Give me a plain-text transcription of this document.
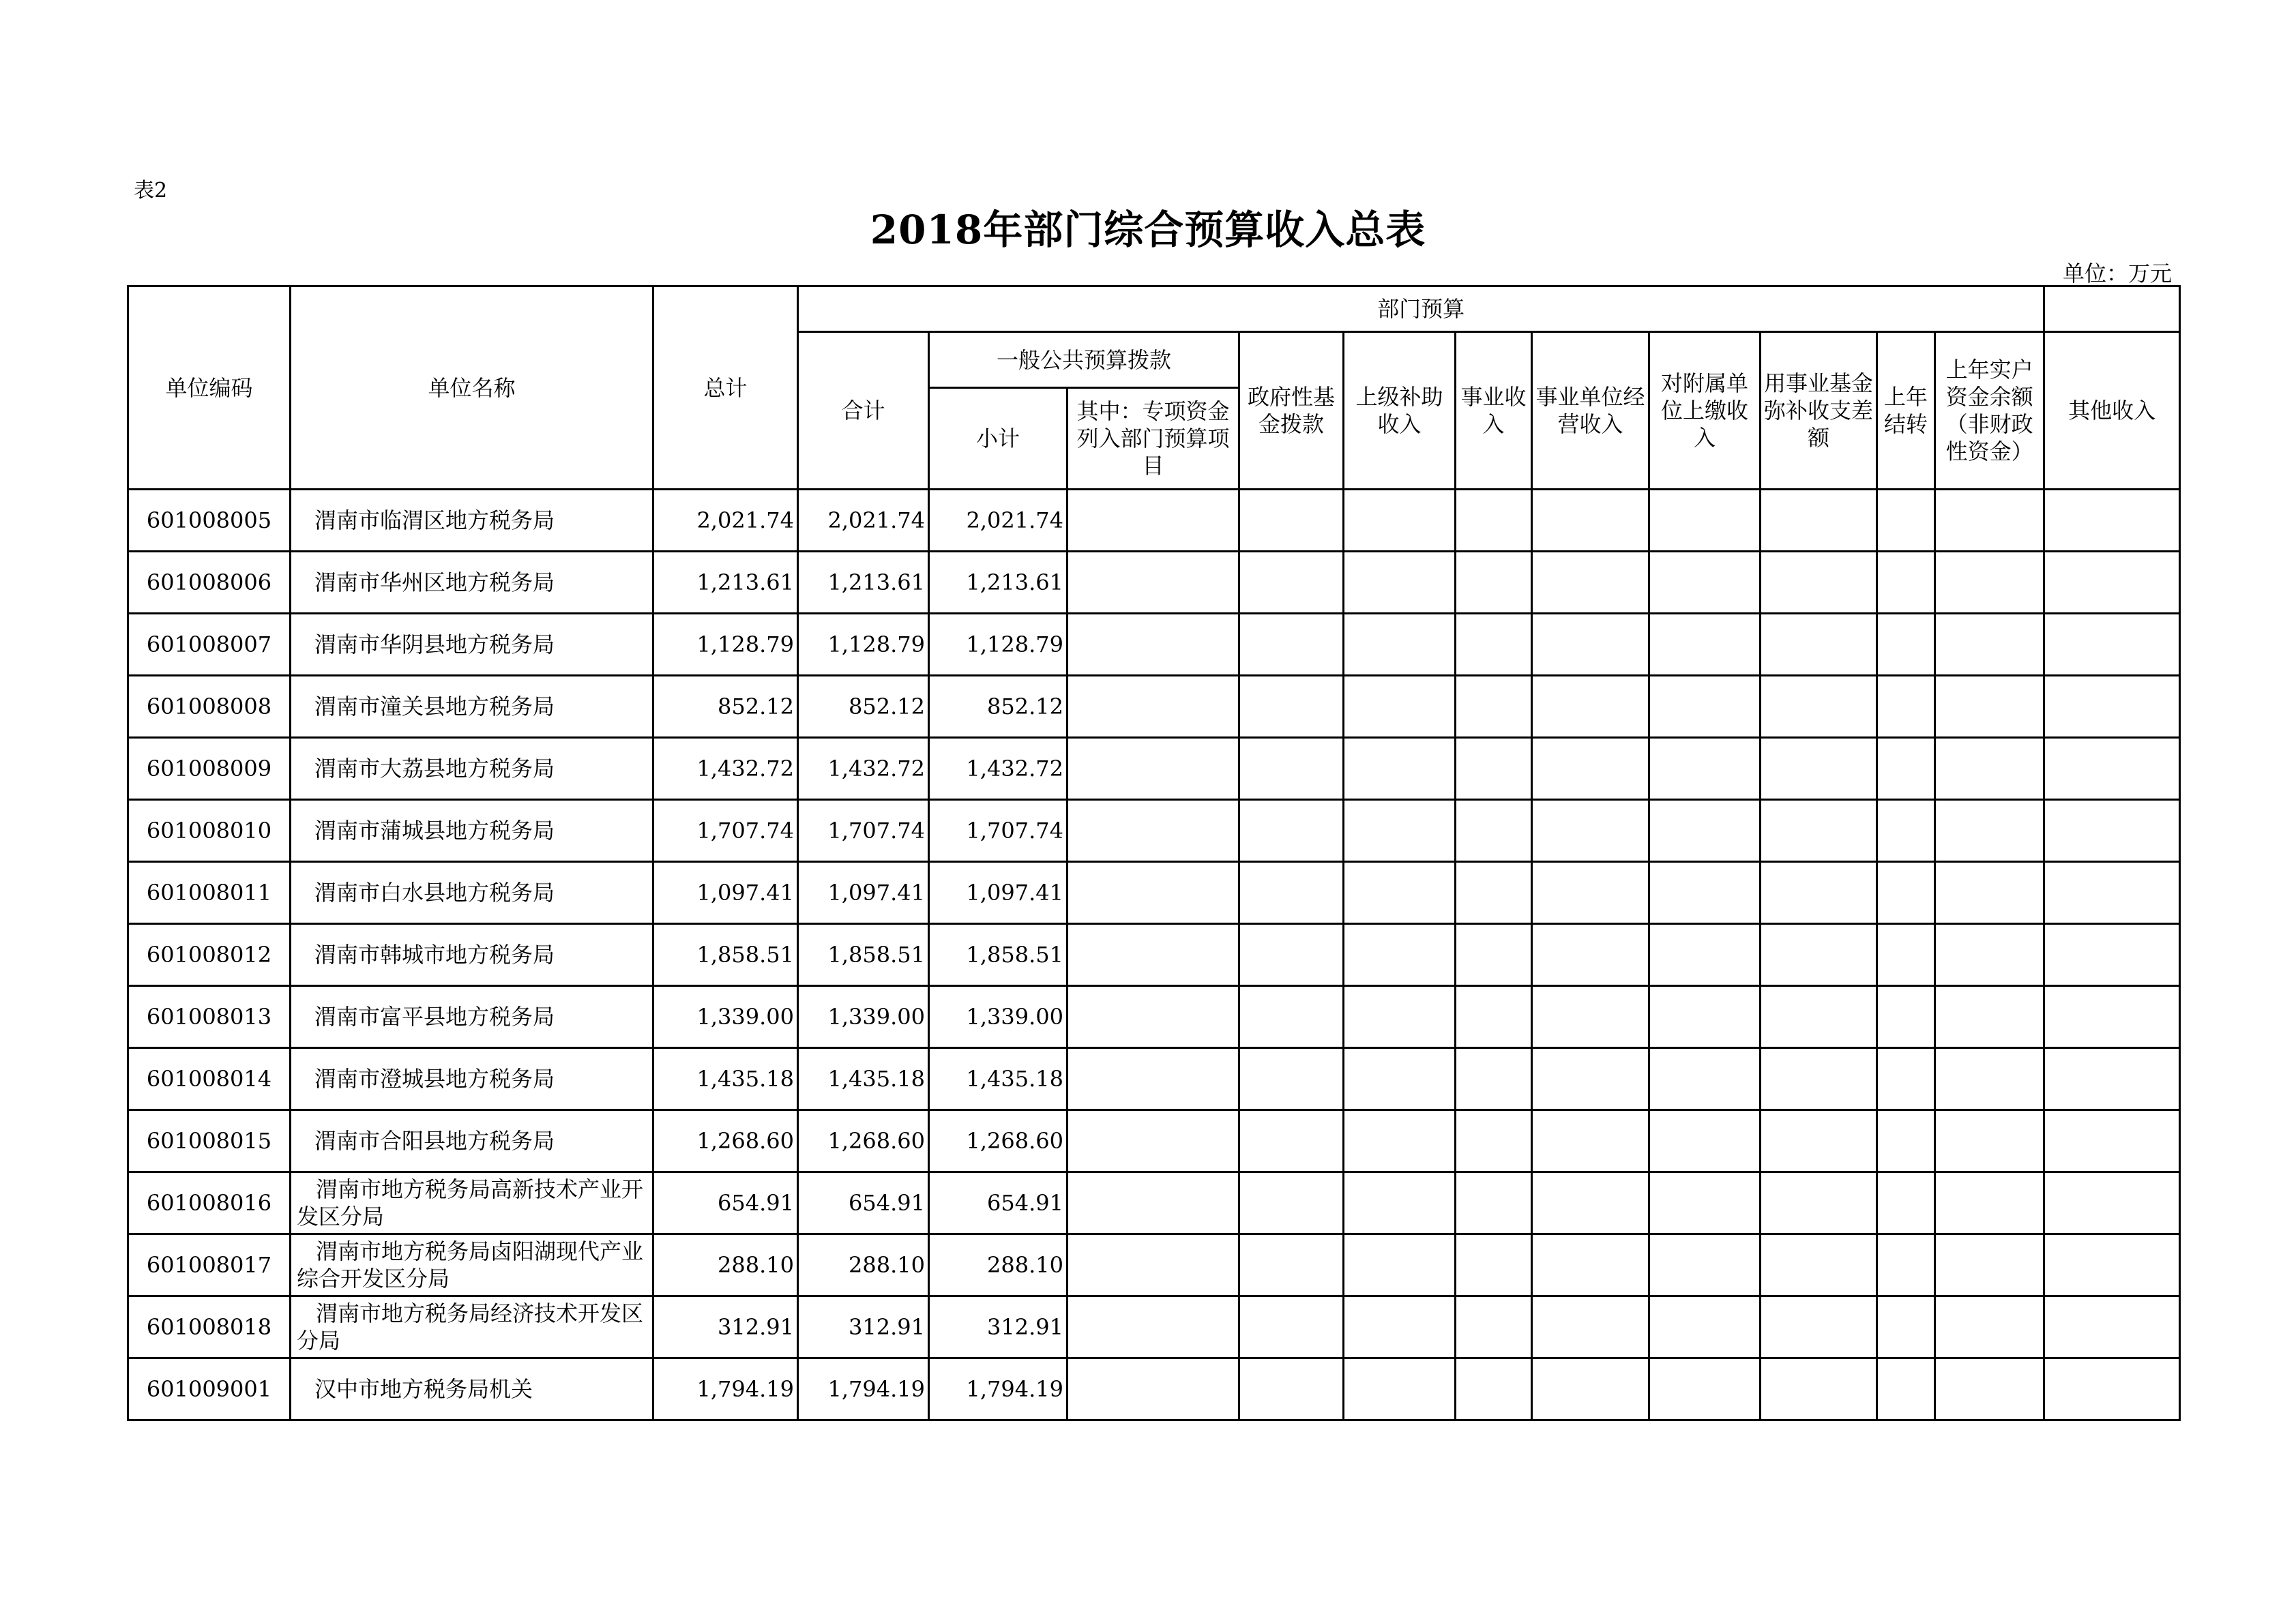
表2
2018年部门综合预算收入总表
单位：万元
单位编码	单位名称	总计	部门预算											
			合计	一般公共预算拨款		政府性基金拨款	上级补助收入	事业收入	事业单位经营收入	对附属单位上缴收入	用事业基金弥补收支差额	上年结转	上年实户资金余额（非财政性资金）	其他收入
				小计	其中：专项资金列入部门预算项目									
601008005	渭南市临渭区地方税务局	2,021.74	2,021.74	2,021.74										
601008006	渭南市华州区地方税务局	1,213.61	1,213.61	1,213.61										
601008007	渭南市华阴县地方税务局	1,128.79	1,128.79	1,128.79										
601008008	渭南市潼关县地方税务局	852.12	852.12	852.12										
601008009	渭南市大荔县地方税务局	1,432.72	1,432.72	1,432.72										
601008010	渭南市蒲城县地方税务局	1,707.74	1,707.74	1,707.74										
601008011	渭南市白水县地方税务局	1,097.41	1,097.41	1,097.41										
601008012	渭南市韩城市地方税务局	1,858.51	1,858.51	1,858.51										
601008013	渭南市富平县地方税务局	1,339.00	1,339.00	1,339.00										
601008014	渭南市澄城县地方税务局	1,435.18	1,435.18	1,435.18										
601008015	渭南市合阳县地方税务局	1,268.60	1,268.60	1,268.60										
601008016	渭南市地方税务局高新技术产业开发区分局	654.91	654.91	654.91										
601008017	渭南市地方税务局卤阳湖现代产业综合开发区分局	288.10	288.10	288.10										
601008018	渭南市地方税务局经济技术开发区分局	312.91	312.91	312.91										
601009001	汉中市地方税务局机关	1,794.19	1,794.19	1,794.19										
